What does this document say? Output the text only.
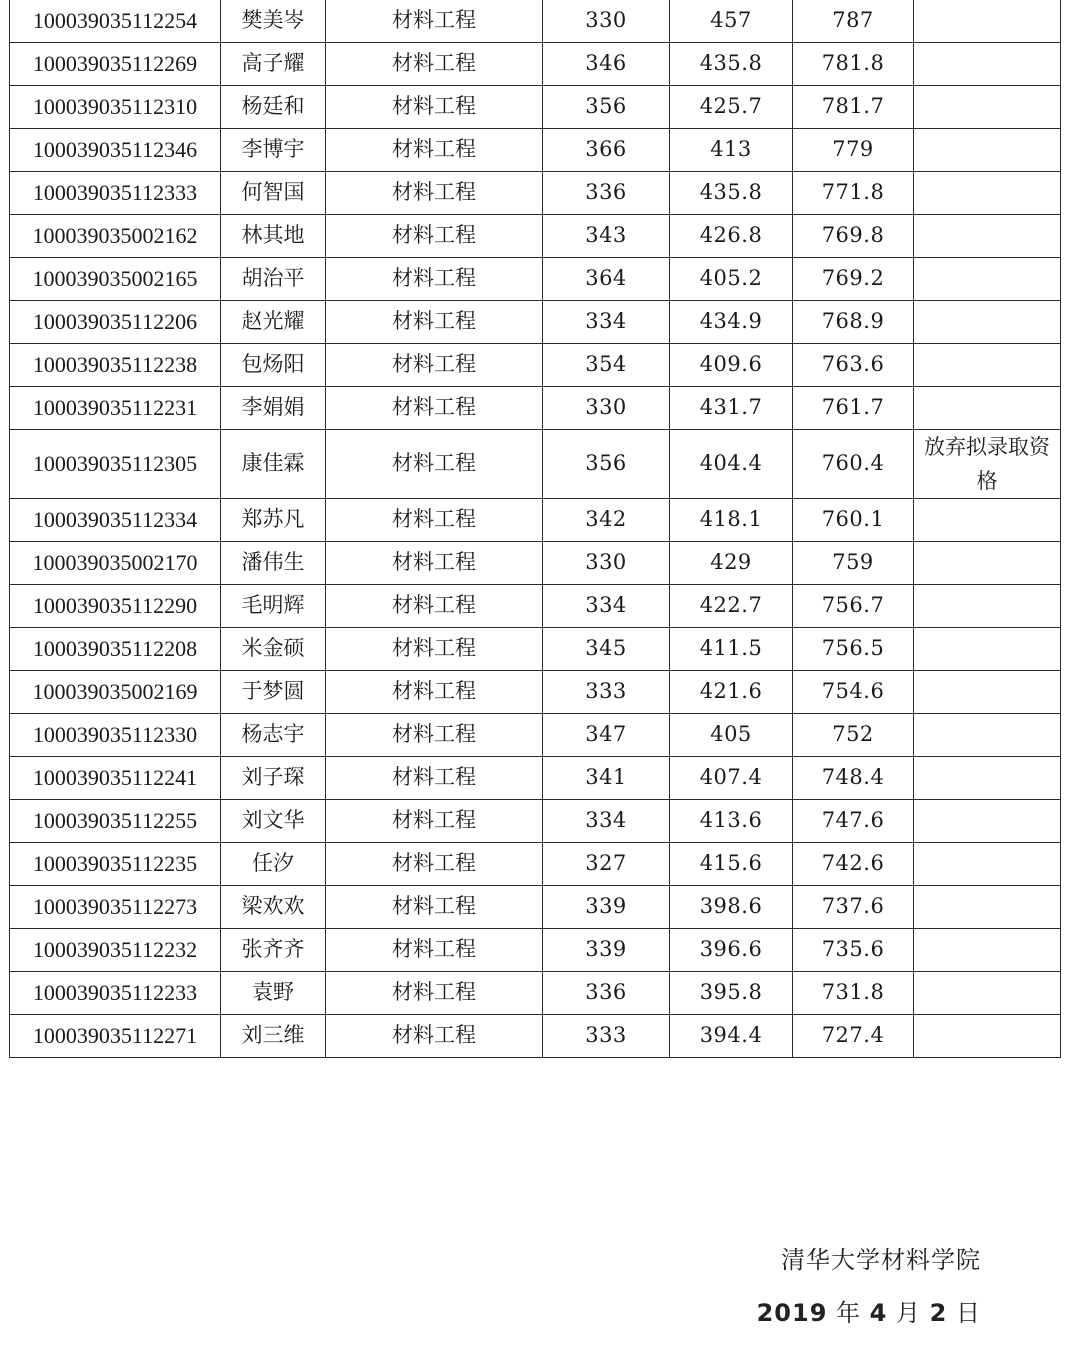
100039035112254	樊美岑	材料工程	330	457	787	
100039035112269	高子耀	材料工程	346	435.8	781.8	
100039035112310	杨廷和	材料工程	356	425.7	781.7	
100039035112346	李博宇	材料工程	366	413	779	
100039035112333	何智国	材料工程	336	435.8	771.8	
100039035002162	林其地	材料工程	343	426.8	769.8	
100039035002165	胡治平	材料工程	364	405.2	769.2	
100039035112206	赵光耀	材料工程	334	434.9	768.9	
100039035112238	包炀阳	材料工程	354	409.6	763.6	
100039035112231	李娟娟	材料工程	330	431.7	761.7	
100039035112305	康佳霖	材料工程	356	404.4	760.4	放弃拟录取资格
100039035112334	郑苏凡	材料工程	342	418.1	760.1	
100039035002170	潘伟生	材料工程	330	429	759	
100039035112290	毛明辉	材料工程	334	422.7	756.7	
100039035112208	米金硕	材料工程	345	411.5	756.5	
100039035002169	于梦圆	材料工程	333	421.6	754.6	
100039035112330	杨志宇	材料工程	347	405	752	
100039035112241	刘子琛	材料工程	341	407.4	748.4	
100039035112255	刘文华	材料工程	334	413.6	747.6	
100039035112235	任汐	材料工程	327	415.6	742.6	
100039035112273	梁欢欢	材料工程	339	398.6	737.6	
100039035112232	张齐齐	材料工程	339	396.6	735.6	
100039035112233	袁野	材料工程	336	395.8	731.8	
100039035112271	刘三维	材料工程	333	394.4	727.4	
清华大学材料学院
2019 年 4 月 2 日
